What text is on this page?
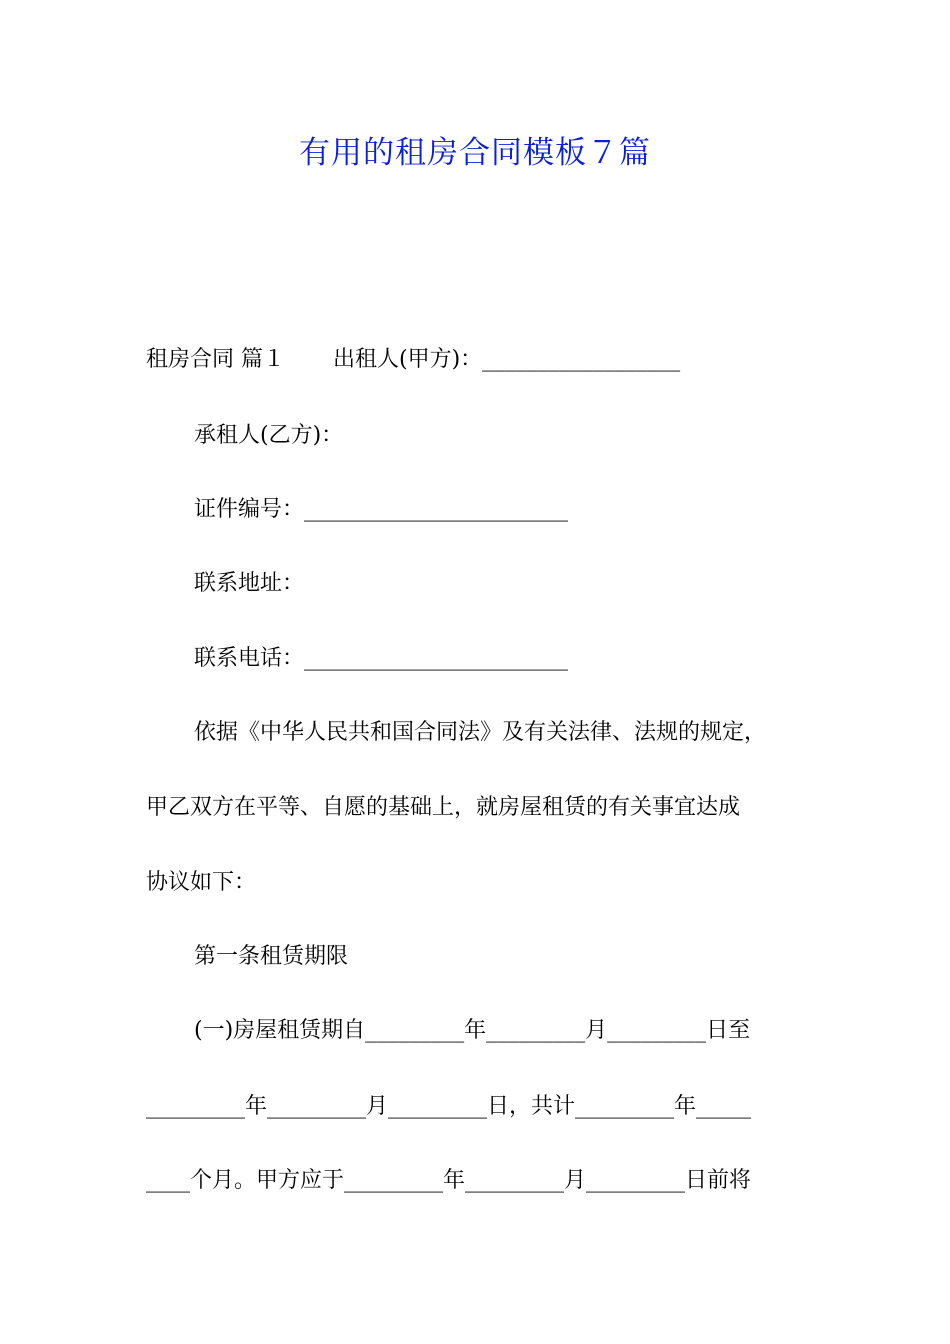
有用的租房合同模板７篇
租房合同 篇１ 出租人(甲方)：__________________
承租人(乙方)：
证件编号：________________________
联系地址：
联系电话：________________________
依据《中华人民共和国合同法》及有关法律、法规的规定，
甲乙双方在平等、自愿的基础上，就房屋租赁的有关事宜达成
协议如下：
第一条租赁期限
(一)房屋租赁期自_________年_________月_________日至
_________年_________月_________日，共计_________年_____
____个月。甲方应于_________年_________月_________日前将
